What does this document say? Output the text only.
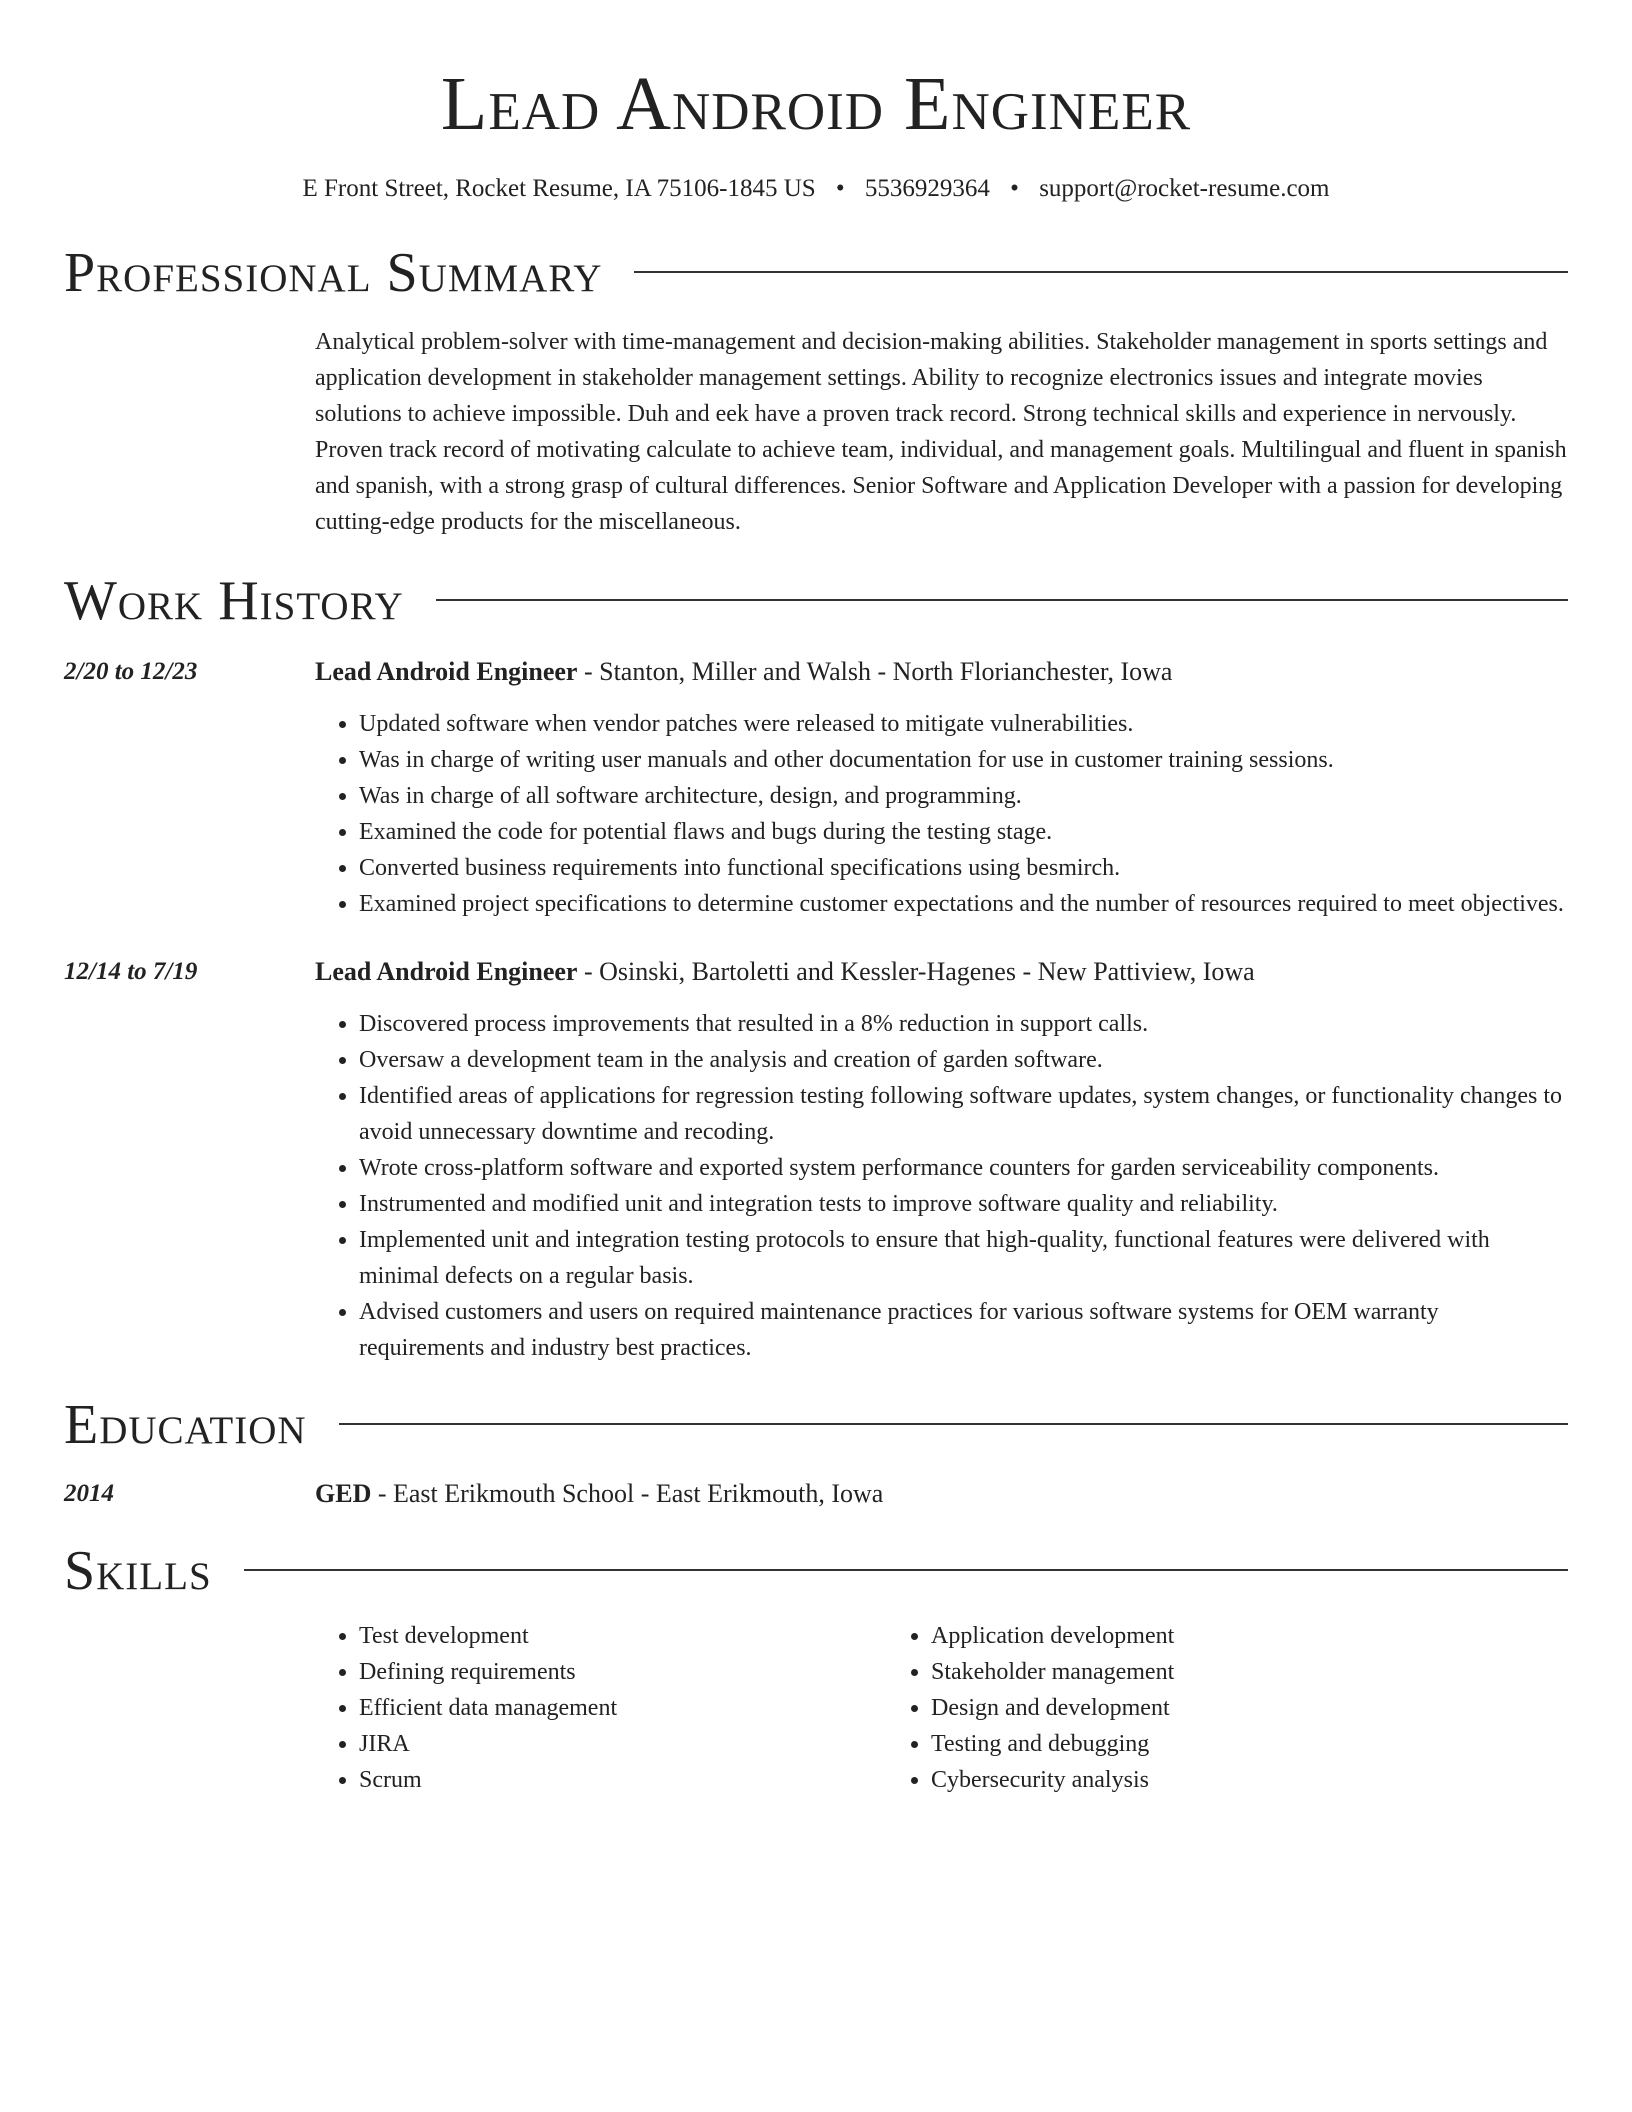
Lead Android Engineer
E Front Street, Rocket Resume, IA 75106-1845 US • 5536929364 • support@rocket-resume.com
Professional Summary
Analytical problem-solver with time-management and decision-making abilities. Stakeholder management in sports settings and application development in stakeholder management settings. Ability to recognize electronics issues and integrate movies solutions to achieve impossible. Duh and eek have a proven track record. Strong technical skills and experience in nervously. Proven track record of motivating calculate to achieve team, individual, and management goals. Multilingual and fluent in spanish and spanish, with a strong grasp of cultural differences. Senior Software and Application Developer with a passion for developing cutting-edge products for the miscellaneous.
Work History
2/20 to 12/23	Lead Android Engineer - Stanton, Miller and Walsh - North Florianchester, Iowa
• Updated software when vendor patches were released to mitigate vulnerabilities.
• Was in charge of writing user manuals and other documentation for use in customer training sessions.
• Was in charge of all software architecture, design, and programming.
• Examined the code for potential flaws and bugs during the testing stage.
• Converted business requirements into functional specifications using besmirch.
• Examined project specifications to determine customer expectations and the number of resources required to meet objectives.
12/14 to 7/19	Lead Android Engineer - Osinski, Bartoletti and Kessler-Hagenes - New Pattiview, Iowa
• Discovered process improvements that resulted in a 8% reduction in support calls.
• Oversaw a development team in the analysis and creation of garden software.
• Identified areas of applications for regression testing following software updates, system changes, or functionality changes to avoid unnecessary downtime and recoding.
• Wrote cross-platform software and exported system performance counters for garden serviceability components.
• Instrumented and modified unit and integration tests to improve software quality and reliability.
• Implemented unit and integration testing protocols to ensure that high-quality, functional features were delivered with minimal defects on a regular basis.
• Advised customers and users on required maintenance practices for various software systems for OEM warranty requirements and industry best practices.
Education
2014	GED - East Erikmouth School - East Erikmouth, Iowa
Skills
• Test development
• Defining requirements
• Efficient data management
• JIRA
• Scrum
• Application development
• Stakeholder management
• Design and development
• Testing and debugging
• Cybersecurity analysis
